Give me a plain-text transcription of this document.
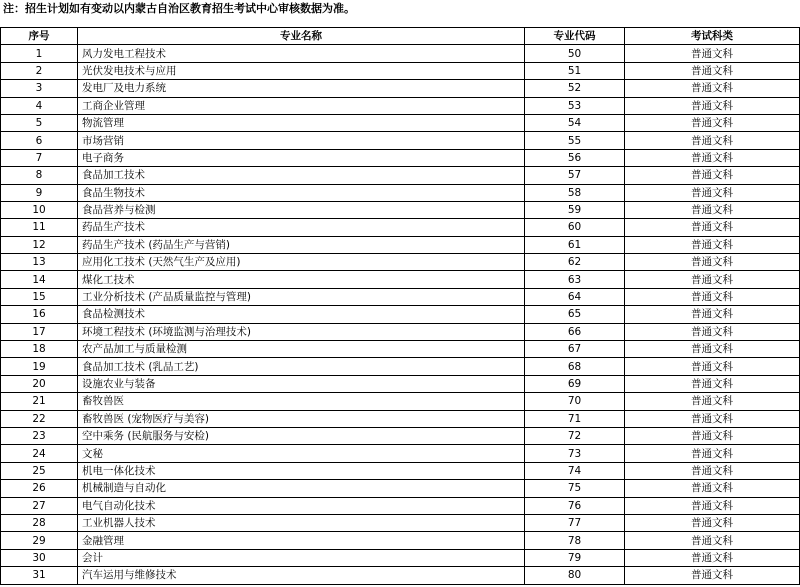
注：招生计划如有变动以内蒙古自治区教育招生考试中心审核数据为准。
序号	专业名称	专业代码	考试科类
1	风力发电工程技术	50	普通文科
2	光伏发电技术与应用	51	普通文科
3	发电厂及电力系统	52	普通文科
4	工商企业管理	53	普通文科
5	物流管理	54	普通文科
6	市场营销	55	普通文科
7	电子商务	56	普通文科
8	食品加工技术	57	普通文科
9	食品生物技术	58	普通文科
10	食品营养与检测	59	普通文科
11	药品生产技术	60	普通文科
12	药品生产技术 (药品生产与营销)	61	普通文科
13	应用化工技术 (天然气生产及应用)	62	普通文科
14	煤化工技术	63	普通文科
15	工业分析技术 (产品质量监控与管理)	64	普通文科
16	食品检测技术	65	普通文科
17	环境工程技术 (环境监测与治理技术)	66	普通文科
18	农产品加工与质量检测	67	普通文科
19	食品加工技术 (乳品工艺)	68	普通文科
20	设施农业与装备	69	普通文科
21	畜牧兽医	70	普通文科
22	畜牧兽医 (宠物医疗与美容)	71	普通文科
23	空中乘务 (民航服务与安检)	72	普通文科
24	文秘	73	普通文科
25	机电一体化技术	74	普通文科
26	机械制造与自动化	75	普通文科
27	电气自动化技术	76	普通文科
28	工业机器人技术	77	普通文科
29	金融管理	78	普通文科
30	会计	79	普通文科
31	汽车运用与维修技术	80	普通文科
